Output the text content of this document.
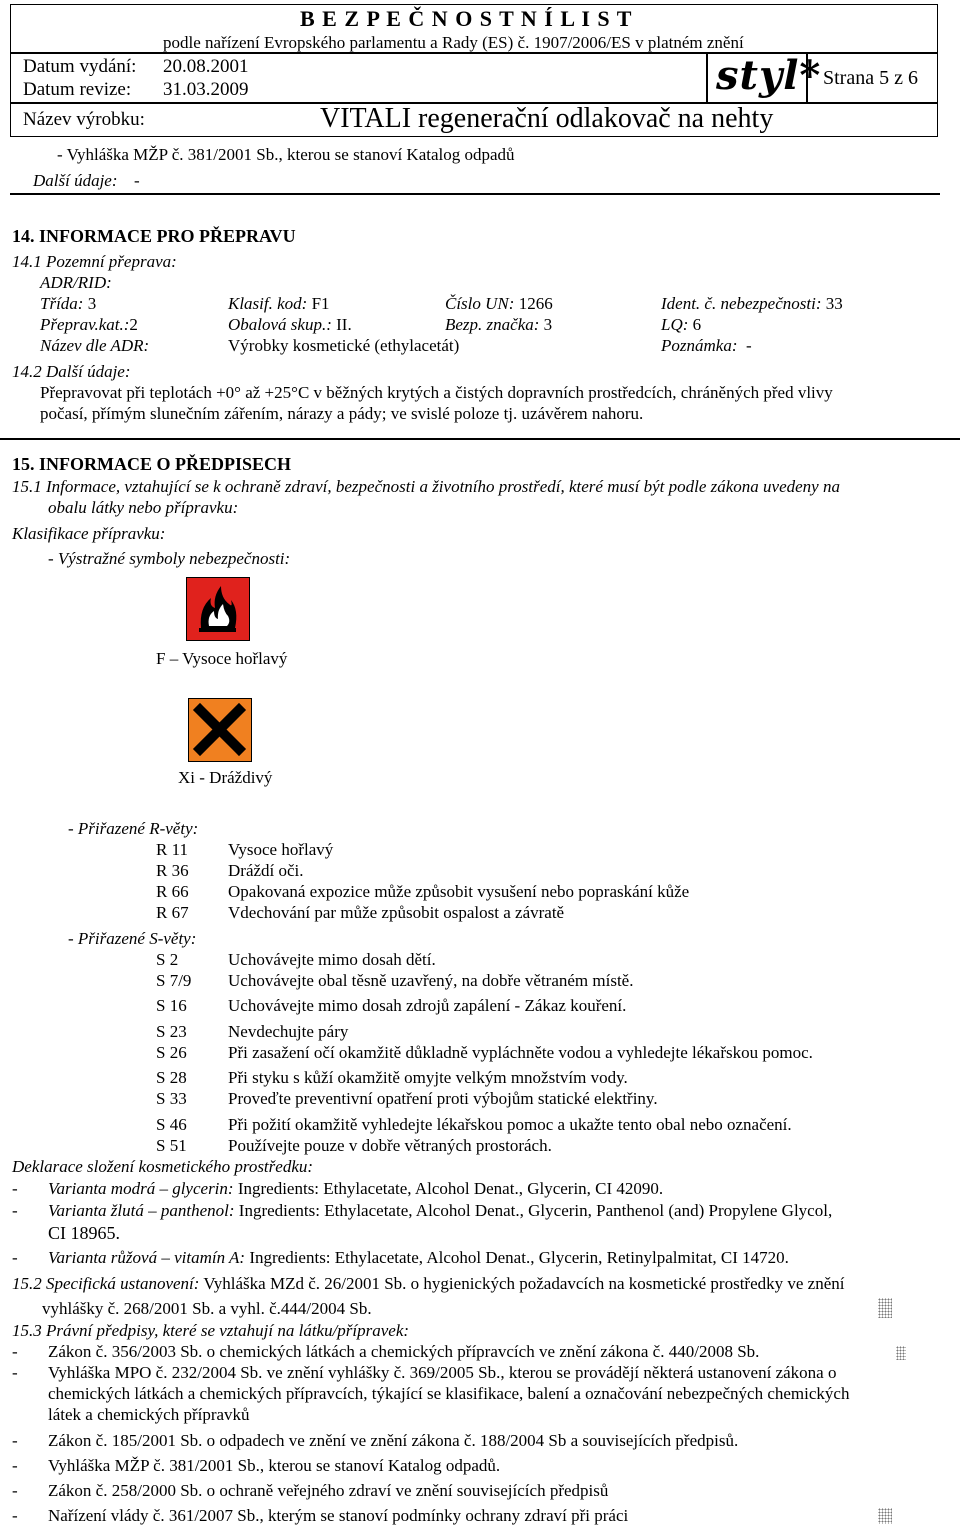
B E Z P E Č N O S T N Í L I S T
podle nařízení Evropského parlamentu a Rady (ES) č. 1907/2006/ES v platném znění
Datum vydání: 20.08.2001
Datum revize: 31.03.2009	styl* Strana 5 z 6
Název výrobku:	VITALI regenerační odlakovač na nehty
- Vyhláška MŽP č. 381/2001 Sb., kterou se stanoví Katalog odpadů
Další údaje: -
14. INFORMACE PRO PŘEPRAVU
14.1 Pozemní přeprava:
ADR/RID:
Třída: 3	Klasif. kod: F1	Číslo UN: 1266	Ident. č. nebezpečnosti: 33
Přeprav.kat.:2	Obalová skup.: II.	Bezp. značka: 3	LQ: 6
Název dle ADR:	Výrobky kosmetické (ethylacetát)	Poznámka: -
14.2 Další údaje:
Přepravovat při teplotách +0° až +25°C v běžných krytých a čistých dopravních prostředcích, chráněných před vlivy
počasí, přímým slunečním zářením, nárazy a pády; ve svislé poloze tj. uzávěrem nahoru.
15. INFORMACE O PŘEDPISECH
15.1 Informace, vztahující se k ochraně zdraví, bezpečnosti a životního prostředí, které musí být podle zákona uvedeny na
obalu látky nebo přípravku:
Klasifikace přípravku:
- Výstražné symboly nebezpečnosti:
F – Vysoce hořlavý
Xi - Dráždivý
- Přiřazené R-věty:
R 11 Vysoce hořlavý
R 36 Dráždí oči.
R 66 Opakovaná expozice může způsobit vysušení nebo popraskání kůže
R 67 Vdechování par může způsobit ospalost a závratě
- Přiřazené S-věty:
S 2	Uchovávejte mimo dosah dětí.
S 7/9 Uchovávejte obal těsně uzavřený, na dobře větraném místě.
S 16 Uchovávejte mimo dosah zdrojů zapálení - Zákaz kouření.
S 23 Nevdechujte páry
S 26 Při zasažení očí okamžitě důkladně vypláchněte vodou a vyhledejte lékařskou pomoc.
S 28 Při styku s kůží okamžitě omyjte velkým množstvím vody.
S 33 Proveďte preventivní opatření proti výbojům statické elektřiny.
S 46 Při požití okamžitě vyhledejte lékařskou pomoc a ukažte tento obal nebo označení.
S 51 Používejte pouze v dobře větraných prostorách.
Deklarace složení kosmetického prostředku:
- Varianta modrá – glycerin: Ingredients: Ethylacetate, Alcohol Denat., Glycerin, CI 42090.
- Varianta žlutá – panthenol: Ingredients: Ethylacetate, Alcohol Denat., Glycerin, Panthenol (and) Propylene Glycol,
CI 18965.
- Varianta růžová – vitamín A: Ingredients: Ethylacetate, Alcohol Denat., Glycerin, Retinylpalmitat, CI 14720.
15.2 Specifická ustanovení: Vyhláška MZd č. 26/2001 Sb. o hygienických požadavcích na kosmetické prostředky ve znění
vyhlášky č. 268/2001 Sb. a vyhl. č.444/2004 Sb.
15.3 Právní předpisy, které se vztahují na látku/přípravek:
- Zákon č. 356/2003 Sb. o chemických látkách a chemických přípravcích ve znění zákona č. 440/2008 Sb.
- Vyhláška MPO č. 232/2004 Sb. ve znění vyhlášky č. 369/2005 Sb., kterou se provádějí některá ustanovení zákona o
chemických látkách a chemických přípravcích, týkající se klasifikace, balení a označování nebezpečných chemických
látek a chemických přípravků
- Zákon č. 185/2001 Sb. o odpadech ve znění ve znění zákona č. 188/2004 Sb a souvisejících předpisů.
- Vyhláška MŽP č. 381/2001 Sb., kterou se stanoví Katalog odpadů.
- Zákon č. 258/2000 Sb. o ochraně veřejného zdraví ve znění souvisejících předpisů
- Nařízení vlády č. 361/2007 Sb., kterým se stanoví podmínky ochrany zdraví při práci
